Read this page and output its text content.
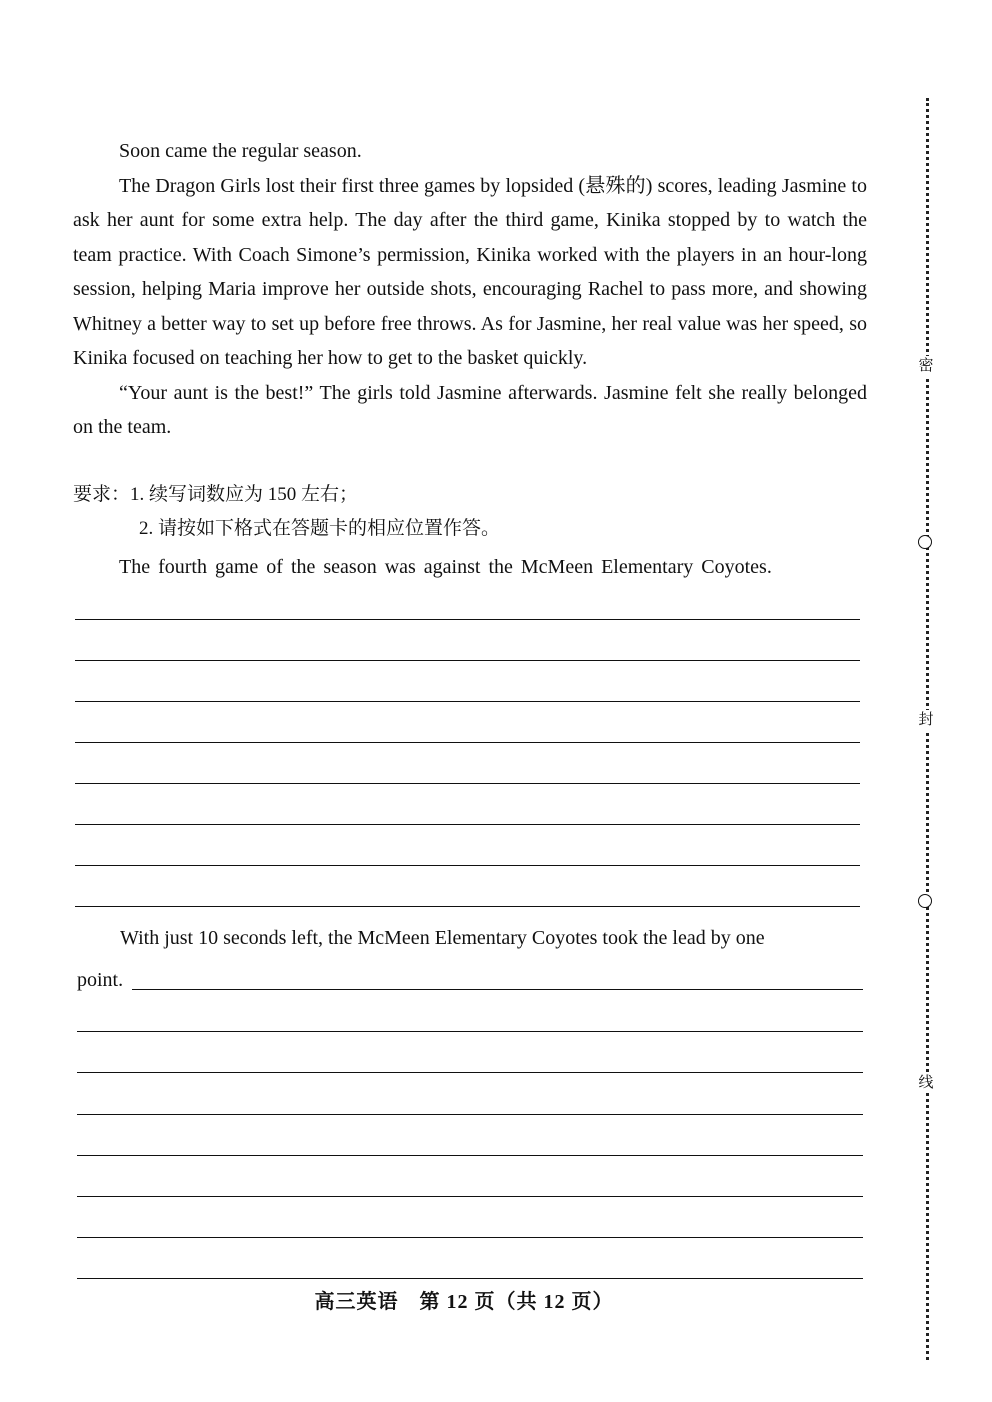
Soon came the regular season.

The Dragon Girls lost their first three games by lopsided (悬殊的) scores, leading Jasmine to ask her aunt for some extra help. The day after the third game, Kinika stopped by to watch the team practice. With Coach Simone’s permission, Kinika worked with the players in an hour-long session, helping Maria improve her outside shots, encouraging Rachel to pass more, and showing Whitney a better way to set up before free throws. As for Jasmine, her real value was her speed, so Kinika focused on teaching her how to get to the basket quickly.

“Your aunt is the best!” The girls told Jasmine afterwards. Jasmine felt she really belonged on the team.

要求：1. 续写词数应为 150 左右；
2. 请按如下格式在答题卡的相应位置作答。
The fourth game of the season was against the McMeen Elementary Coyotes.
With just 10 seconds left, the McMeen Elementary Coyotes took the lead by one
point.
高三英语　第 12 页（共 12 页）
密
封
线
